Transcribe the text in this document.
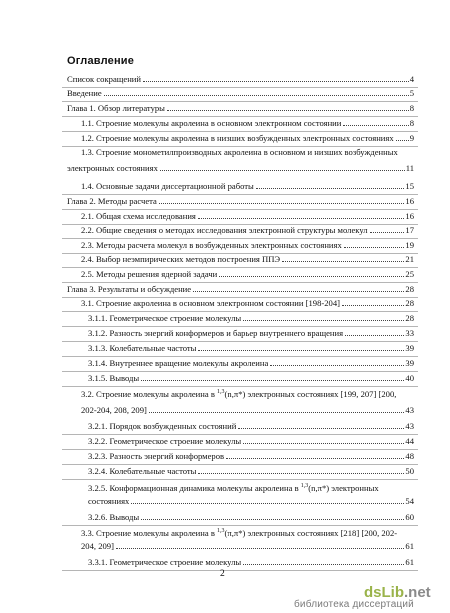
Оглавление
Список сокращений	4
Введение	5
Глава 1. Обзор литературы	8
1.1. Строение молекулы акролеина в основном электронном состоянии	8
1.2. Строение молекулы акролеина в низших возбужденных электронных состояниях 9
1.3. Строение монометилпроизводных акролеина в основном и низших возбужденных
электронных состояниях	11
1.4. Основные задачи диссертационной работы	15
Глава 2. Методы расчета	16
2.1. Общая схема исследования	16
2.2. Общие сведения о методах исследования электронной структуры молекул	17
2.3. Методы расчета молекул в возбужденных электронных состояниях	19
2.4. Выбор неэмпирических методов построения ППЭ	21
2.5. Методы решения ядерной задачи	25
Глава 3. Результаты и обсуждение	28
3.1. Строение акролеина в основном электронном состоянии [198-204]	28
3.1.1. Геометрическое строение молекулы	28
3.1.2. Разность энергий конформеров и барьер внутреннего вращения	33
3.1.3. Колебательные частоты	39
3.1.4. Внутреннее вращение молекулы акролеина	39
3.1.5. Выводы	40
3.2. Строение молекулы акролеина в $^{1,3}$(n,π*) электронных состояниях [199, 207] [200,
202-204, 208, 209]	43
3.2.1. Порядок возбужденных состояний	43
3.2.2. Геометрическое строение молекулы	44
3.2.3. Разность энергий конформеров	48
3.2.4. Колебательные частоты	50
3.2.5. Конформационная динамика молекулы акролеина в $^{1,3}$(n,π*) электронных
состояниях	54
3.2.6. Выводы	60
3.3. Строение молекулы акролеина в $^{1,3}$(π,π*) электронных состояниях [218] [200, 202-
204, 209]	61
3.3.1. Геометрическое строение молекулы	61
2
dsLib.net
библиотека диссертаций
